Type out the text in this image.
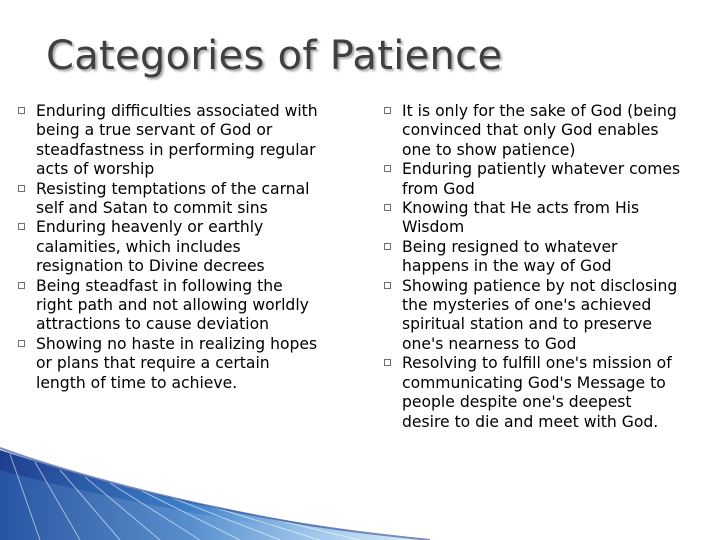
Categories of Patience
Enduring difficulties associated with being a true servant of God or steadfastness in performing regular acts of worship
Resisting temptations of the carnal self and Satan to commit sins
Enduring heavenly or earthly calamities, which includes resignation to Divine decrees
Being steadfast in following the right path and not allowing worldly attractions to cause deviation
Showing no haste in realizing hopes or plans that require a certain length of time to achieve.
It is only for the sake of God (being convinced that only God enables one to show patience)
Enduring patiently whatever comes from God
Knowing that He acts from His Wisdom
Being resigned to whatever happens in the way of God
Showing patience by not disclosing the mysteries of one's achieved spiritual station and to preserve one's nearness to God
Resolving to fulfill one's mission of communicating God's Message to people despite one's deepest desire to die and meet with God.
